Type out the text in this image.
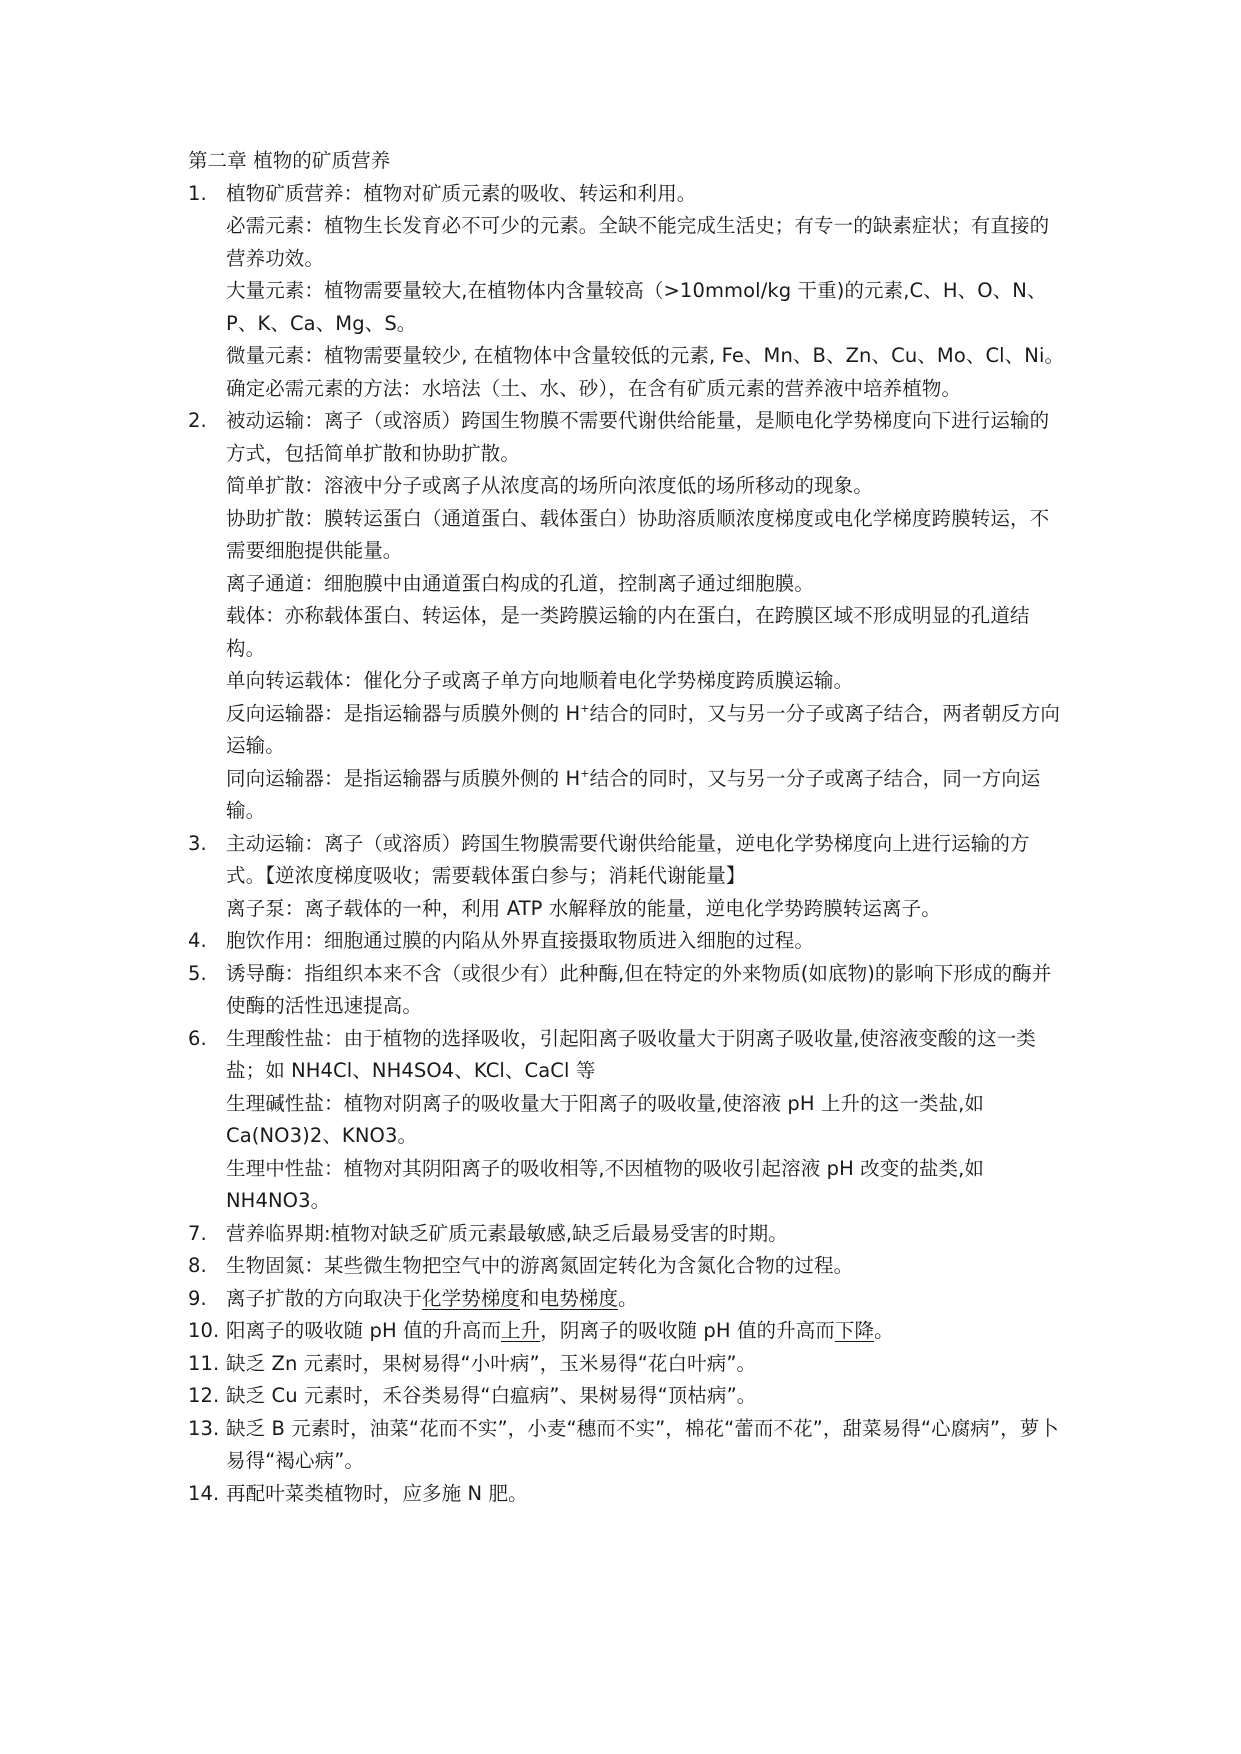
第二章 植物的矿质营养
1. 植物矿质营养：植物对矿质元素的吸收、转运和利用。

必需元素：植物生长发育必不可少的元素。全缺不能完成生活史；有专一的缺素症状；有直接的营养功效。

大量元素：植物需要量较大,在植物体内含量较高（>10mmol/kg 干重)的元素,C、H、O、N、P、K、Ca、Mg、S。

微量元素：植物需要量较少, 在植物体中含量较低的元素, Fe、Mn、B、Zn、Cu、Mo、Cl、Ni。

确定必需元素的方法：水培法（土、水、砂），在含有矿质元素的营养液中培养植物。

2. 被动运输：离子（或溶质）跨国生物膜不需要代谢供给能量，是顺电化学势梯度向下进行运输的方式，包括简单扩散和协助扩散。

简单扩散：溶液中分子或离子从浓度高的场所向浓度低的场所移动的现象。

协助扩散：膜转运蛋白（通道蛋白、载体蛋白）协助溶质顺浓度梯度或电化学梯度跨膜转运，不需要细胞提供能量。

离子通道：细胞膜中由通道蛋白构成的孔道，控制离子通过细胞膜。

载体：亦称载体蛋白、转运体，是一类跨膜运输的内在蛋白，在跨膜区域不形成明显的孔道结构。

单向转运载体：催化分子或离子单方向地顺着电化学势梯度跨质膜运输。

反向运输器：是指运输器与质膜外侧的 H+结合的同时，又与另一分子或离子结合，两者朝反方向运输。

同向运输器：是指运输器与质膜外侧的 H+结合的同时，又与另一分子或离子结合，同一方向运输。

3. 主动运输：离子（或溶质）跨国生物膜需要代谢供给能量，逆电化学势梯度向上进行运输的方式。【逆浓度梯度吸收；需要载体蛋白参与；消耗代谢能量】

离子泵：离子载体的一种，利用 ATP 水解释放的能量，逆电化学势跨膜转运离子。

4. 胞饮作用：细胞通过膜的内陷从外界直接摄取物质进入细胞的过程。

5. 诱导酶：指组织本来不含（或很少有）此种酶,但在特定的外来物质(如底物)的影响下形成的酶并使酶的活性迅速提高。

6. 生理酸性盐：由于植物的选择吸收，引起阳离子吸收量大于阴离子吸收量,使溶液变酸的这一类盐；如 NH4Cl、NH4SO4、KCl、CaCl 等

生理碱性盐：植物对阴离子的吸收量大于阳离子的吸收量,使溶液 pH 上升的这一类盐,如 Ca(NO3)2、KNO3。

生理中性盐：植物对其阴阳离子的吸收相等,不因植物的吸收引起溶液 pH 改变的盐类,如 NH4NO3。

7. 营养临界期:植物对缺乏矿质元素最敏感,缺乏后最易受害的时期。

8. 生物固氮：某些微生物把空气中的游离氮固定转化为含氮化合物的过程。

9. 离子扩散的方向取决于化学势梯度和电势梯度。

10. 阳离子的吸收随 pH 值的升高而上升，阴离子的吸收随 pH 值的升高而下降。

11. 缺乏 Zn 元素时，果树易得“小叶病”，玉米易得“花白叶病”。

12. 缺乏 Cu 元素时，禾谷类易得“白瘟病”、果树易得“顶枯病”。

13. 缺乏 B 元素时，油菜“花而不实”，小麦“穗而不实”，棉花“蕾而不花”，甜菜易得“心腐病”，萝卜易得“褐心病”。

14. 再配叶菜类植物时，应多施 N 肥。
